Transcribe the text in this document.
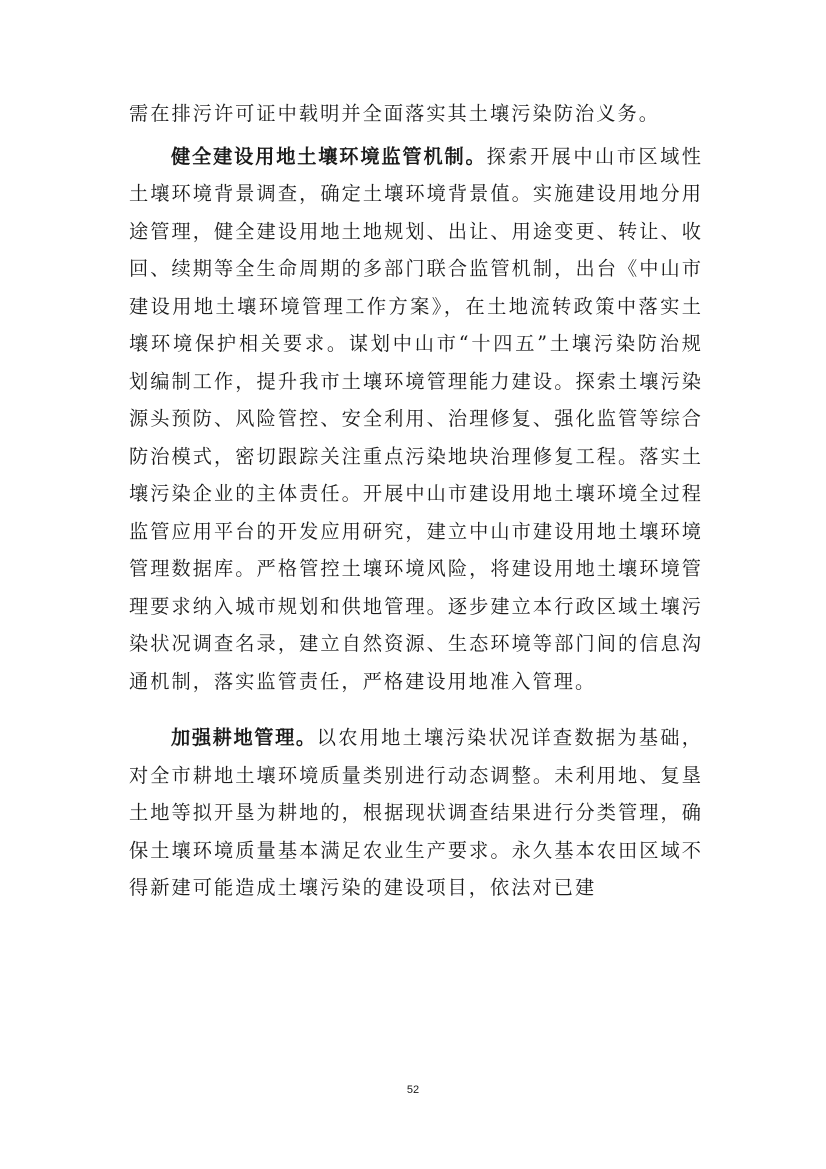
需在排污许可证中载明并全面落实其土壤污染防治义务。

健全建设用地土壤环境监管机制。探索开展中山市区域性土壤环境背景调查，确定土壤环境背景值。实施建设用地分用途管理，健全建设用地土地规划、出让、用途变更、转让、收回、续期等全生命周期的多部门联合监管机制，出台《中山市建设用地土壤环境管理工作方案》，在土地流转政策中落实土壤环境保护相关要求。谋划中山市“十四五”土壤污染防治规划编制工作，提升我市土壤环境管理能力建设。探索土壤污染源头预防、风险管控、安全利用、治理修复、强化监管等综合防治模式，密切跟踪关注重点污染地块治理修复工程。落实土壤污染企业的主体责任。开展中山市建设用地土壤环境全过程监管应用平台的开发应用研究，建立中山市建设用地土壤环境管理数据库。严格管控土壤环境风险，将建设用地土壤环境管理要求纳入城市规划和供地管理。逐步建立本行政区域土壤污染状况调查名录，建立自然资源、生态环境等部门间的信息沟通机制，落实监管责任，严格建设用地准入管理。

加强耕地管理。以农用地土壤污染状况详查数据为基础，对全市耕地土壤环境质量类别进行动态调整。未利用地、复垦土地等拟开垦为耕地的，根据现状调查结果进行分类管理，确保土壤环境质量基本满足农业生产要求。永久基本农田区域不得新建可能造成土壤污染的建设项目，依法对已建

52
